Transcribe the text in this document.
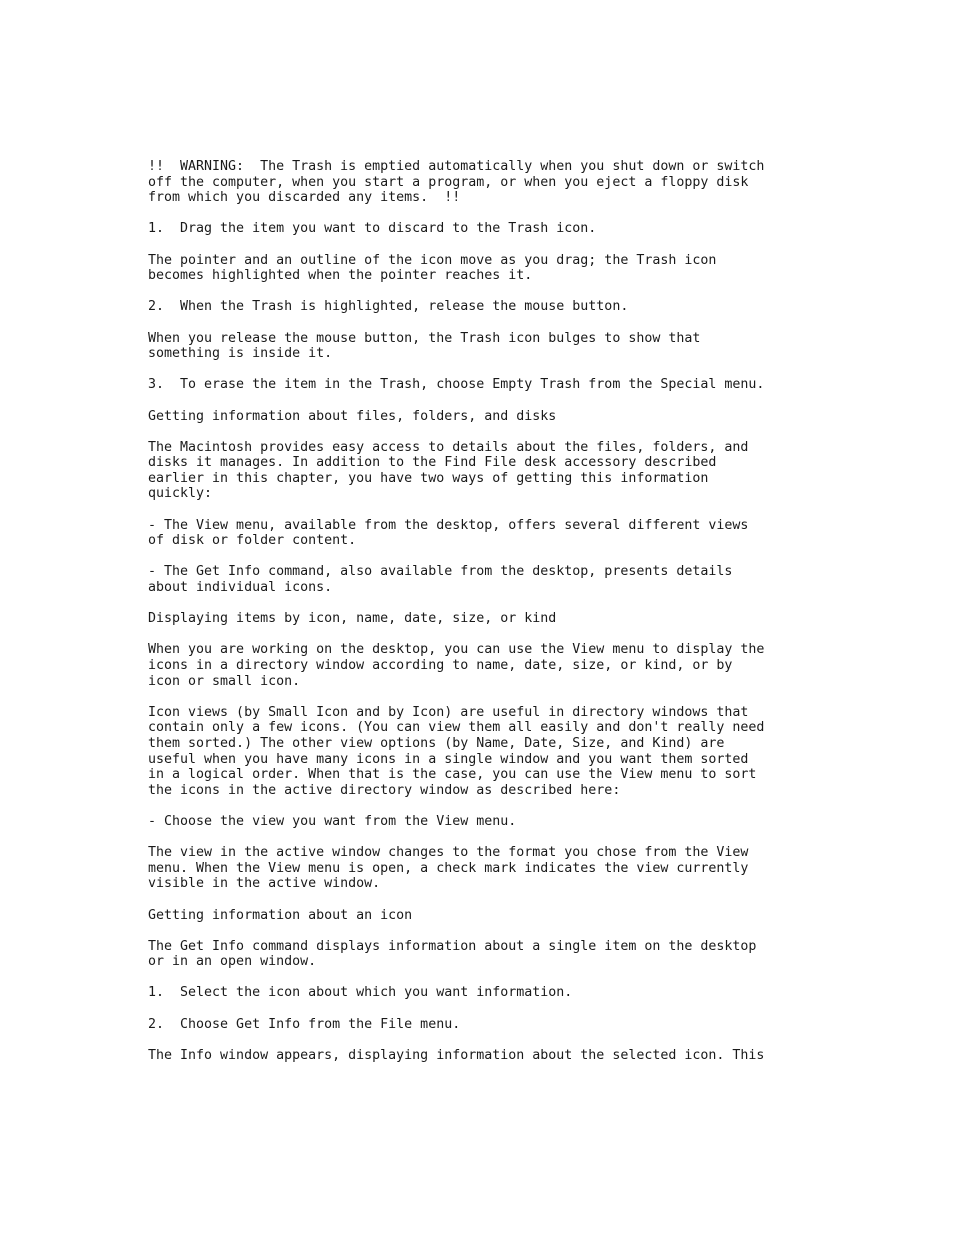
!!  WARNING:  The Trash is emptied automatically when you shut down or switch
off the computer, when you start a program, or when you eject a floppy disk
from which you discarded any items.  !!

1.  Drag the item you want to discard to the Trash icon.

The pointer and an outline of the icon move as you drag; the Trash icon
becomes highlighted when the pointer reaches it.

2.  When the Trash is highlighted, release the mouse button.

When you release the mouse button, the Trash icon bulges to show that
something is inside it.

3.  To erase the item in the Trash, choose Empty Trash from the Special menu.

Getting information about files, folders, and disks

The Macintosh provides easy access to details about the files, folders, and
disks it manages. In addition to the Find File desk accessory described
earlier in this chapter, you have two ways of getting this information
quickly:

- The View menu, available from the desktop, offers several different views
of disk or folder content.

- The Get Info command, also available from the desktop, presents details
about individual icons.

Displaying items by icon, name, date, size, or kind

When you are working on the desktop, you can use the View menu to display the
icons in a directory window according to name, date, size, or kind, or by
icon or small icon.

Icon views (by Small Icon and by Icon) are useful in directory windows that
contain only a few icons. (You can view them all easily and don't really need
them sorted.) The other view options (by Name, Date, Size, and Kind) are
useful when you have many icons in a single window and you want them sorted
in a logical order. When that is the case, you can use the View menu to sort
the icons in the active directory window as described here:

- Choose the view you want from the View menu.

The view in the active window changes to the format you chose from the View
menu. When the View menu is open, a check mark indicates the view currently
visible in the active window.

Getting information about an icon

The Get Info command displays information about a single item on the desktop
or in an open window.

1.  Select the icon about which you want information.

2.  Choose Get Info from the File menu.

The Info window appears, displaying information about the selected icon. This
